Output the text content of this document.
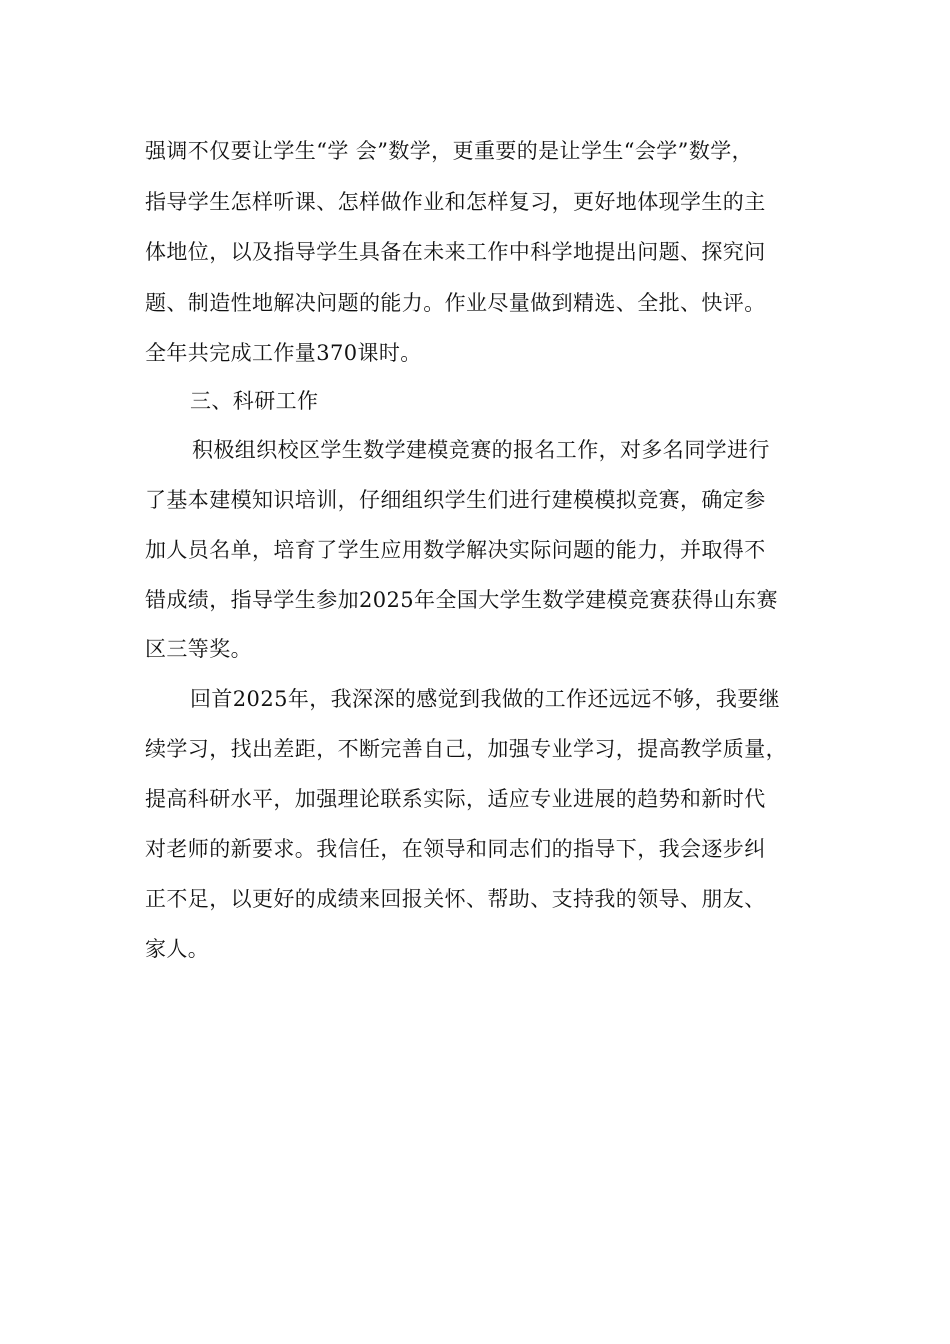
强调不仅要让学生“学 会”数学，更重要的是让学生“会学”数学，
指导学生怎样听课、怎样做作业和怎样复习，更好地体现学生的主
体地位，以及指导学生具备在未来工作中科学地提出问题、探究问
题、制造性地解决问题的能力。作业尽量做到精选、全批、快评。
全年共完成工作量370课时。
三、科研工作
积极组织校区学生数学建模竞赛的报名工作，对多名同学进行
了基本建模知识培训，仔细组织学生们进行建模模拟竞赛，确定参
加人员名单，培育了学生应用数学解决实际问题的能力，并取得不
错成绩，指导学生参加2025年全国大学生数学建模竞赛获得山东赛
区三等奖。
回首2025年，我深深的感觉到我做的工作还远远不够，我要继
续学习，找出差距，不断完善自己，加强专业学习，提高教学质量，
提高科研水平，加强理论联系实际，适应专业进展的趋势和新时代
对老师的新要求。我信任，在领导和同志们的指导下，我会逐步纠
正不足，以更好的成绩来回报关怀、帮助、支持我的领导、朋友、
家人。
